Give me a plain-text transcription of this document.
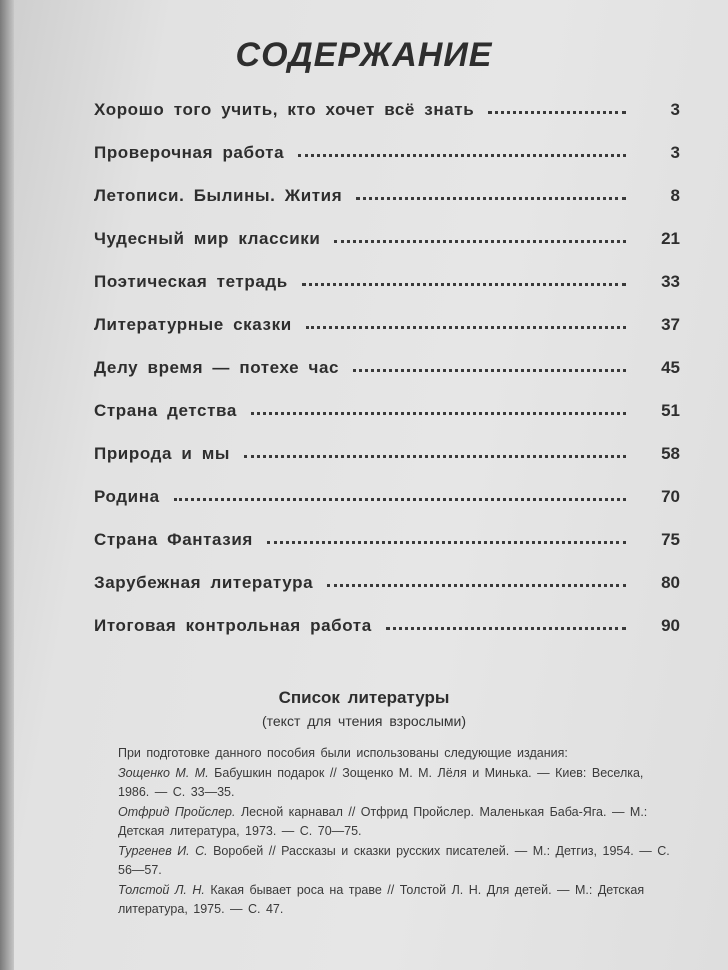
СОДЕРЖАНИЕ
Хорошо того учить, кто хочет всё знать	3
Проверочная работа	3
Летописи. Былины. Жития	8
Чудесный мир классики	21
Поэтическая тетрадь	33
Литературные сказки	37
Делу время — потехе час	45
Страна детства	51
Природа и мы	58
Родина	70
Страна Фантазия	75
Зарубежная литература	80
Итоговая контрольная работа	90
Список литературы
(текст для чтения взрослыми)

При подготовке данного пособия были использованы следующие издания:

Зощенко М. М. Бабушкин подарок // Зощенко М. М. Лёля и Минька. — Киев: Веселка, 1986. — С. 33—35.

Отфрид Пройслер. Лесной карнавал // Отфрид Пройслер. Маленькая Баба-Яга. — М.: Детская литература, 1973. — С. 70—75.

Тургенев И. С. Воробей // Рассказы и сказки русских писателей. — М.: Детгиз, 1954. — С. 56—57.

Толстой Л. Н. Какая бывает роса на траве // Толстой Л. Н. Для детей. — М.: Детская литература, 1975. — С. 47.
